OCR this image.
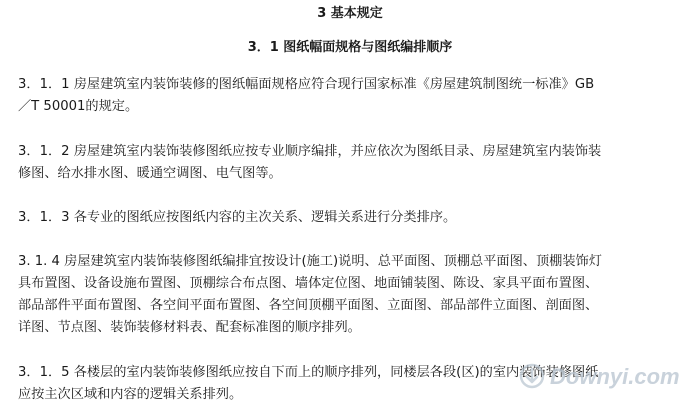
3 基本规定
3．1 图纸幅面规格与图纸编排顺序
3．1．1 房屋建筑室内装饰装修的图纸幅面规格应符合现行国家标准《房屋建筑制图统一标准》GB
／T 50001的规定。
3．1．2 房屋建筑室内装饰装修图纸应按专业顺序编排，并应依次为图纸目录、房屋建筑室内装饰装
修图、给水排水图、暖通空调图、电气图等。
3．1．3 各专业的图纸应按图纸内容的主次关系、逻辑关系进行分类排序。
3. 1. 4 房屋建筑室内装饰装修图纸编排宜按设计(施工)说明、总平面图、顶棚总平面图、顶棚装饰灯
具布置图、设备设施布置图、顶棚综合布点图、墙体定位图、地面铺装图、陈设、家具平面布置图、
部品部件平面布置图、各空间平面布置图、各空间顶棚平面图、立面图、部品部件立面图、剖面图、
详图、节点图、装饰装修材料表、配套标准图的顺序排列。
3．1．5 各楼层的室内装饰装修图纸应按自下而上的顺序排列，同楼层各段(区)的室内装饰装修图纸
应按主次区域和内容的逻辑关系排列。
Downyi.com
